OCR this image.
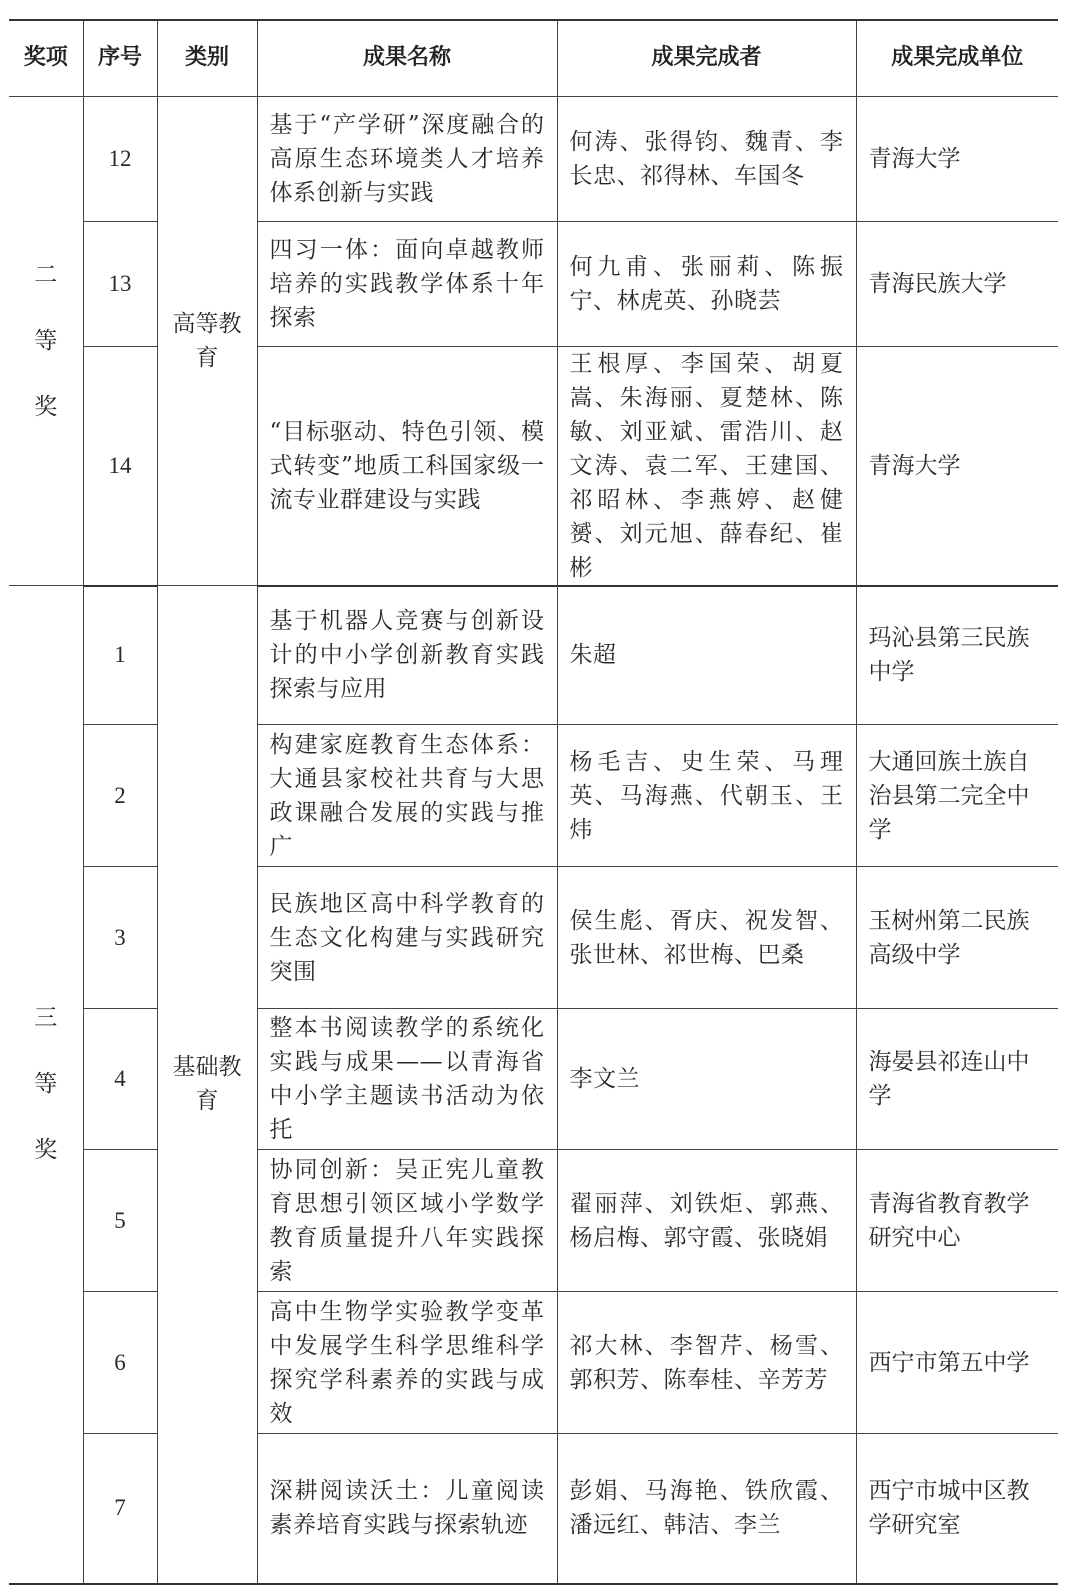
奖项	序号	类别	成果名称	成果完成者	成果完成单位

二
等
奖	12	高等教育	基于“产学研”深度融合的高原生态环境类人才培养体系创新与实践	何涛、张得钧、魏青、李长忠、祁得林、车国冬	青海大学
	13		四习一体：面向卓越教师培养的实践教学体系十年探索	何九甫、张丽莉、陈振宁、林虎英、孙晓芸	青海民族大学
	14		“目标驱动、特色引领、模式转变”地质工科国家级一流专业群建设与实践	王根厚、李国荣、胡夏嵩、朱海丽、夏楚林、陈敏、刘亚斌、雷浩川、赵文涛、袁二军、王建国、祁昭林、李燕婷、赵健赟、刘元旭、薛春纪、崔彬	青海大学

三
等
奖	1	基础教育	基于机器人竞赛与创新设计的中小学创新教育实践探索与应用	朱超	玛沁县第三民族中学
	2		构建家庭教育生态体系：大通县家校社共育与大思政课融合发展的实践与推广	杨毛吉、史生荣、马理英、马海燕、代朝玉、王炜	大通回族土族自治县第二完全中学
	3		民族地区高中科学教育的生态文化构建与实践研究突围	侯生彪、胥庆、祝发智、张世林、祁世梅、巴桑	玉树州第二民族高级中学
	4		整本书阅读教学的系统化实践与成果——以青海省中小学主题读书活动为依托	李文兰	海晏县祁连山中学
	5		协同创新：吴正宪儿童教育思想引领区域小学数学教育质量提升八年实践探索	翟丽萍、刘铁炬、郭燕、杨启梅、郭守霞、张晓娟	青海省教育教学研究中心
	6		高中生物学实验教学变革中发展学生科学思维科学探究学科素养的实践与成效	祁大林、李智芹、杨雪、郭积芳、陈奉桂、辛芳芳	西宁市第五中学
	7		深耕阅读沃土：儿童阅读素养培育实践与探索轨迹	彭娟、马海艳、铁欣霞、潘远红、韩洁、李兰	西宁市城中区教学研究室
